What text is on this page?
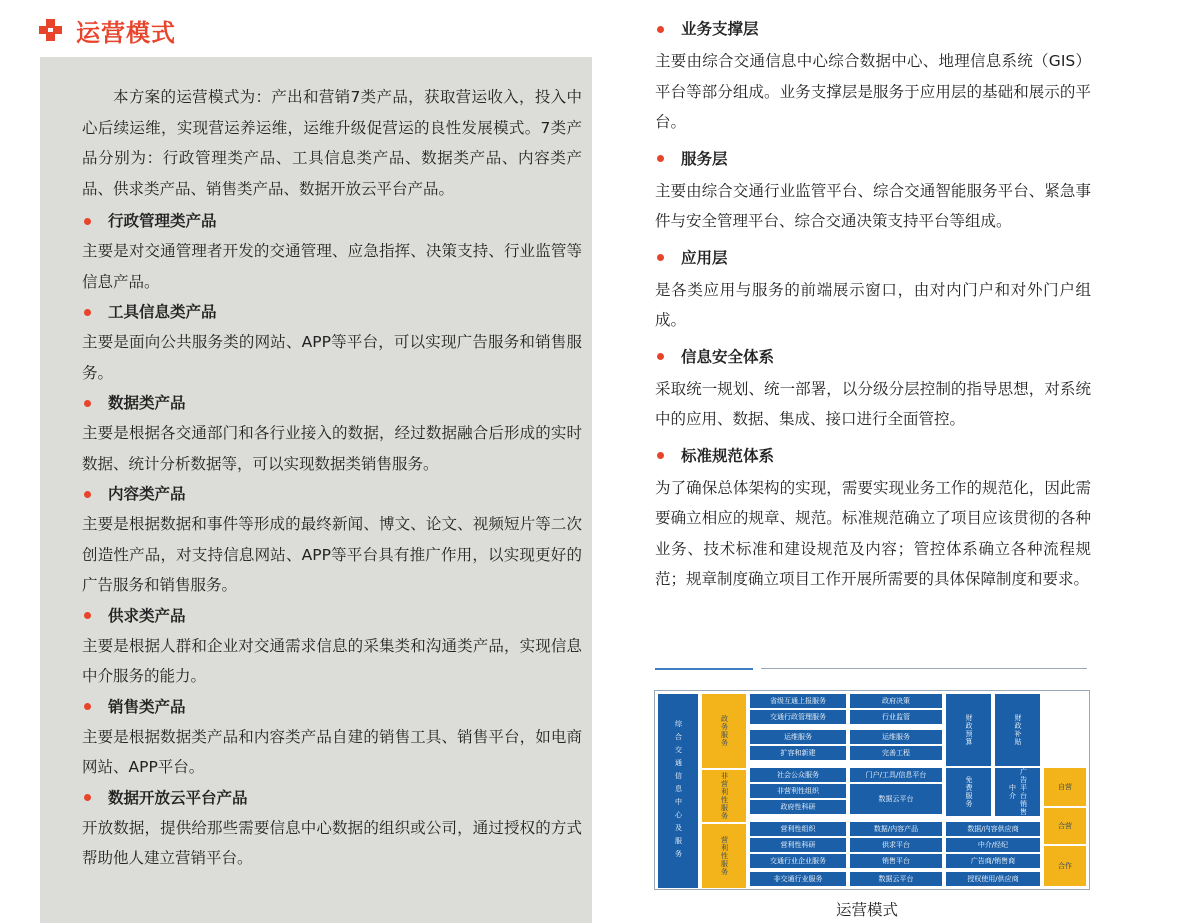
运营模式

本方案的运营模式为：产出和营销7类产品，获取营运收入，投入中心后续运维，实现营运养运维，运维升级促营运的良性发展模式。7类产品分别为：行政管理类产品、工具信息类产品、数据类产品、内容类产品、供求类产品、销售类产品、数据开放云平台产品。

行政管理类产品

主要是对交通管理者开发的交通管理、应急指挥、决策支持、行业监管等信息产品。

工具信息类产品

主要是面向公共服务类的网站、APP等平台，可以实现广告服务和销售服务。

数据类产品

主要是根据各交通部门和各行业接入的数据，经过数据融合后形成的实时数据、统计分析数据等，可以实现数据类销售服务。

内容类产品

主要是根据数据和事件等形成的最终新闻、博文、论文、视频短片等二次创造性产品，对支持信息网站、APP等平台具有推广作用，以实现更好的广告服务和销售服务。

供求类产品

主要是根据人群和企业对交通需求信息的采集类和沟通类产品，实现信息中介服务的能力。

销售类产品

主要是根据数据类产品和内容类产品自建的销售工具、销售平台，如电商网站、APP平台。

数据开放云平台产品

开放数据，提供给那些需要信息中心数据的组织或公司，通过授权的方式帮助他人建立营销平台。

业务支撑层

主要由综合交通信息中心综合数据中心、地理信息系统（GIS）平台等部分组成。业务支撑层是服务于应用层的基础和展示的平台。

服务层

主要由综合交通行业监管平台、综合交通智能服务平台、紧急事件与安全管理平台、综合交通决策支持平台等组成。

应用层

是各类应用与服务的前端展示窗口，由对内门户和对外门户组成。

信息安全体系

采取统一规划、统一部署，以分级分层控制的指导思想，对系统中的应用、数据、集成、接口进行全面管控。

标准规范体系

为了确保总体架构的实现，需要实现业务工作的规范化，因此需要确立相应的规章、规范。标准规范确立了项目应该贯彻的各种业务、技术标准和建设规范及内容；管控体系确立各种流程规范；规章制度确立项目工作开展所需要的具体保障制度和要求。

综合交通信息中心及服务	政务服务
非营利性服务
营利性服务
省级互通上报服务
交通行政管理服务
运维服务
扩容和新建
社会公众服务
非营利性组织
政府性科研
营利性组织
营利性科研
交通行业企业服务
非交通行业服务
政府决策
行业监管
运维服务
完善工程
门户/工具/信息平台
数据云平台
数据/内容产品
供求平台
销售平台
数据云平台
财政预算	财政补贴
免费服务	广告平台销售中介
数据/内容供应商
中介/经纪
广告商/销售商
授权使用/供应商
自营
合营
合作
运营模式
